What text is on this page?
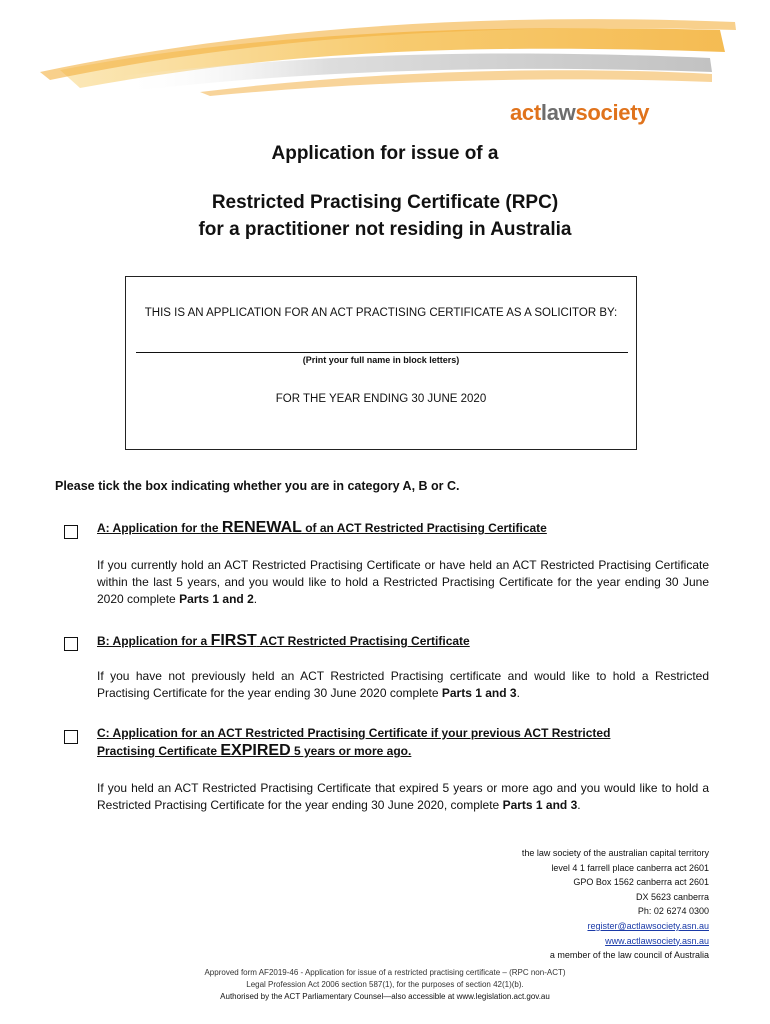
actlawsociety
Application for issue of a
Restricted Practising Certificate (RPC)
for a practitioner not residing in Australia
THIS IS AN APPLICATION FOR AN ACT PRACTISING CERTIFICATE AS A SOLICITOR BY:
(Print your full name in block letters)
FOR THE YEAR ENDING 30 JUNE 2020
Please tick the box indicating whether you are in category A, B or C.
A: Application for the RENEWAL of an ACT Restricted Practising Certificate
If you currently hold an ACT Restricted Practising Certificate or have held an ACT Restricted Practising Certificate within the last 5 years, and you would like to hold a Restricted Practising Certificate for the year ending 30 June 2020 complete Parts 1 and 2.
B: Application for a FIRST ACT Restricted Practising Certificate
If you have not previously held an ACT Restricted Practising certificate and would like to hold a Restricted Practising Certificate for the year ending 30 June 2020 complete Parts 1 and 3.
C: Application for an ACT Restricted Practising Certificate if your previous ACT Restricted
Practising Certificate EXPIRED 5 years or more ago.
If you held an ACT Restricted Practising Certificate that expired 5 years or more ago and you would like to hold a Restricted Practising Certificate for the year ending 30 June 2020, complete Parts 1 and 3.
the law society of the australian capital territory
level 4 1 farrell place canberra act 2601
GPO Box 1562 canberra act 2601
DX 5623 canberra
Ph: 02 6274 0300
register@actlawsociety.asn.au
www.actlawsociety.asn.au
a member of the law council of Australia
Approved form AF2019-46 - Application for issue of a restricted practising certificate – (RPC non-ACT)
Legal Profession Act 2006 section 587(1), for the purposes of section 42(1)(b).
Authorised by the ACT Parliamentary Counsel—also accessible at www.legislation.act.gov.au
